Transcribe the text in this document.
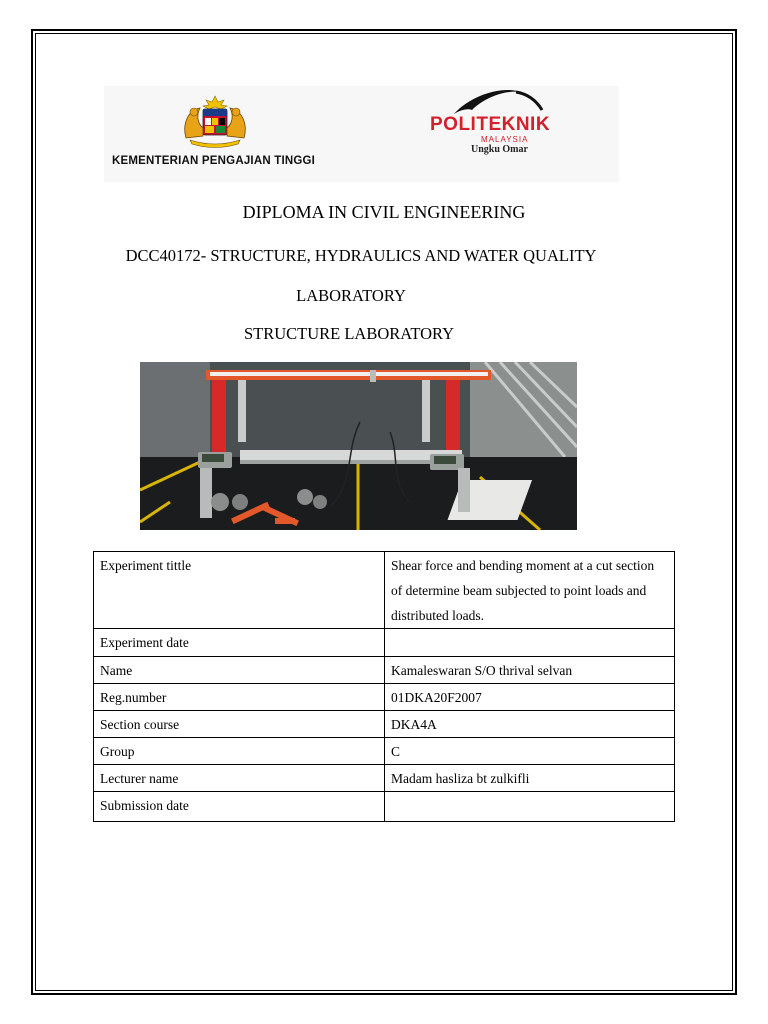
KEMENTERIAN PENGAJIAN TINGGI
POLITEKNIK
MALAYSIA
Ungku Omar
DIPLOMA IN CIVIL ENGINEERING
DCC40172- STRUCTURE, HYDRAULICS AND WATER QUALITY
LABORATORY
STRUCTURE LABORATORY
Experiment tittle	Shear force and bending moment at a cut section of determine beam subjected to point loads and distributed loads.
Experiment date	
Name	Kamaleswaran S/O thrival selvan
Reg.number	01DKA20F2007
Section course	DKA4A
Group	C
Lecturer name	Madam hasliza bt zulkifli
Submission date	
